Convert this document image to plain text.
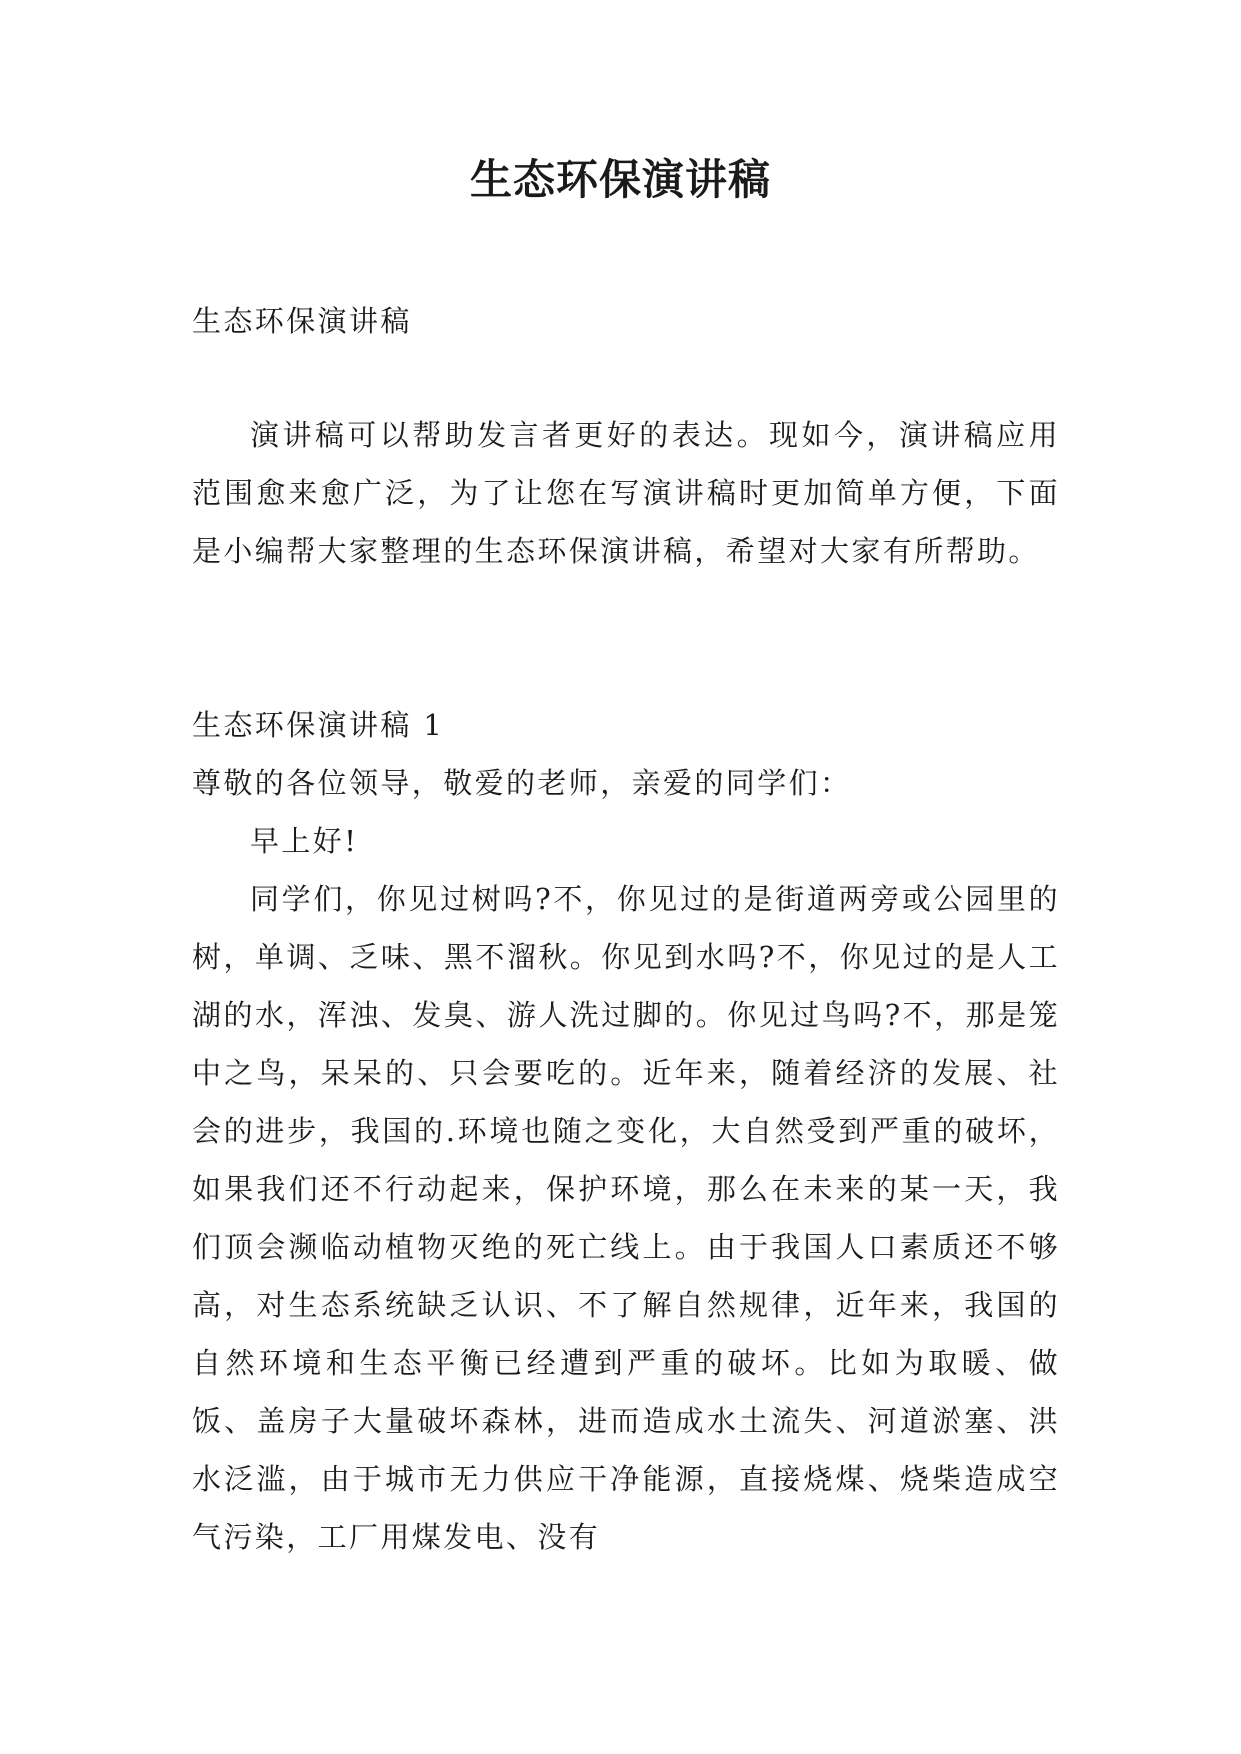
生态环保演讲稿

生态环保演讲稿

演讲稿可以帮助发言者更好的表达。现如今，演讲稿应用范围愈来愈广泛，为了让您在写演讲稿时更加简单方便，下面是小编帮大家整理的生态环保演讲稿，希望对大家有所帮助。

生态环保演讲稿 1

尊敬的各位领导，敬爱的老师，亲爱的同学们：

早上好!

同学们，你见过树吗?不，你见过的是街道两旁或公园里的树，单调、乏味、黑不溜秋。你见到水吗?不，你见过的是人工湖的水，浑浊、发臭、游人洗过脚的。你见过鸟吗?不，那是笼中之鸟，呆呆的、只会要吃的。近年来，随着经济的发展、社会的进步，我国的.环境也随之变化，大自然受到严重的破坏，如果我们还不行动起来，保护环境，那么在未来的某一天，我们顶会濒临动植物灭绝的死亡线上。由于我国人口素质还不够高，对生态系统缺乏认识、不了解自然规律，近年来，我国的自然环境和生态平衡已经遭到严重的破坏。比如为取暖、做饭、盖房子大量破坏森林，进而造成水土流失、河道淤塞、洪水泛滥，由于城市无力供应干净能源，直接烧煤、烧柴造成空气污染，工厂用煤发电、没有
